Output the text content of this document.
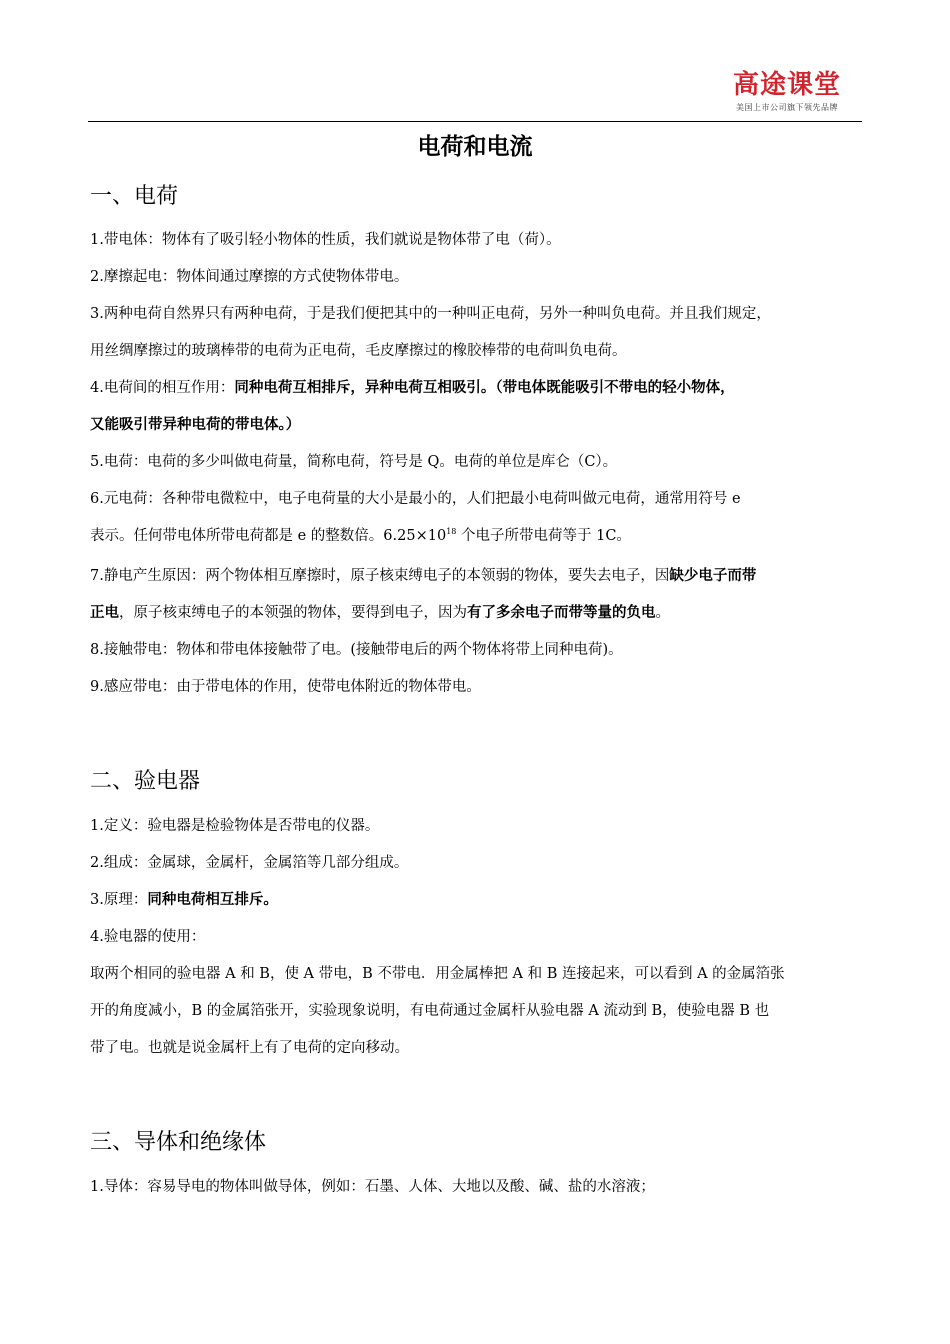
高途课堂
美国上市公司旗下领先品牌
电荷和电流
一、电荷
1.带电体：物体有了吸引轻小物体的性质，我们就说是物体带了电（荷）。
2.摩擦起电：物体间通过摩擦的方式使物体带电。
3.两种电荷自然界只有两种电荷，于是我们便把其中的一种叫正电荷，另外一种叫负电荷。并且我们规定，
用丝绸摩擦过的玻璃棒带的电荷为正电荷，毛皮摩擦过的橡胶棒带的电荷叫负电荷。
4.电荷间的相互作用：同种电荷互相排斥，异种电荷互相吸引。（带电体既能吸引不带电的轻小物体，
又能吸引带异种电荷的带电体。）
5.电荷：电荷的多少叫做电荷量，简称电荷，符号是 Q。电荷的单位是库仑（C）。
6.元电荷：各种带电微粒中，电子电荷量的大小是最小的，人们把最小电荷叫做元电荷，通常用符号 e
表示。任何带电体所带电荷都是 e 的整数倍。$6.25\times 10^{18}$ 个电子所带电荷等于 1C。
7.静电产生原因：两个物体相互摩擦时，原子核束缚电子的本领弱的物体，要失去电子，因缺少电子而带
正电，原子核束缚电子的本领强的物体，要得到电子，因为有了多余电子而带等量的负电。
8.接触带电：物体和带电体接触带了电。(接触带电后的两个物体将带上同种电荷)。
9.感应带电：由于带电体的作用，使带电体附近的物体带电。
二、验电器
1.定义：验电器是检验物体是否带电的仪器。
2.组成：金属球，金属杆，金属箔等几部分组成。
3.原理：同种电荷相互排斥。
4.验电器的使用：
取两个相同的验电器 A 和 B，使 A 带电，B 不带电．用金属棒把 A 和 B 连接起来，可以看到 A 的金属箔张
开的角度减小，B 的金属箔张开，实验现象说明，有电荷通过金属杆从验电器 A 流动到 B，使验电器 B 也
带了电。也就是说金属杆上有了电荷的定向移动。
三、导体和绝缘体
1.导体：容易导电的物体叫做导体，例如：石墨、人体、大地以及酸、碱、盐的水溶液；
